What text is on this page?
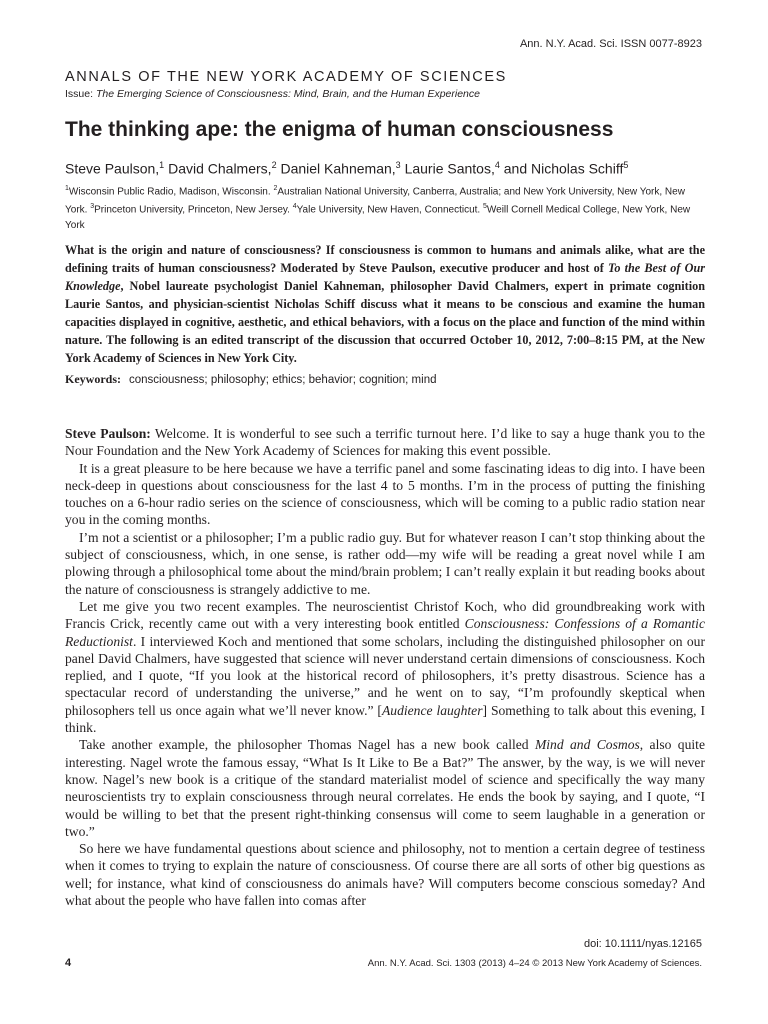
Ann. N.Y. Acad. Sci. ISSN 0077-8923
ANNALS OF THE NEW YORK ACADEMY OF SCIENCES
Issue: The Emerging Science of Consciousness: Mind, Brain, and the Human Experience
The thinking ape: the enigma of human consciousness
Steve Paulson,$^1$ David Chalmers,$^2$ Daniel Kahneman,$^3$ Laurie Santos,$^4$ and Nicholas Schiff$^5$
$^1$Wisconsin Public Radio, Madison, Wisconsin. $^2$Australian National University, Canberra, Australia; and New York University, New York, New York. $^3$Princeton University, Princeton, New Jersey. $^4$Yale University, New Haven, Connecticut. $^5$Weill Cornell Medical College, New York, New York
What is the origin and nature of consciousness? If consciousness is common to humans and animals alike, what are the defining traits of human consciousness? Moderated by Steve Paulson, executive producer and host of To the Best of Our Knowledge, Nobel laureate psychologist Daniel Kahneman, philosopher David Chalmers, expert in primate cognition Laurie Santos, and physician-scientist Nicholas Schiff discuss what it means to be conscious and examine the human capacities displayed in cognitive, aesthetic, and ethical behaviors, with a focus on the place and function of the mind within nature. The following is an edited transcript of the discussion that occurred October 10, 2012, 7:00–8:15 PM, at the New York Academy of Sciences in New York City.
Keywords: consciousness; philosophy; ethics; behavior; cognition; mind

Steve Paulson: Welcome. It is wonderful to see such a terrific turnout here. I’d like to say a huge thank you to the Nour Foundation and the New York Academy of Sciences for making this event possible.

It is a great pleasure to be here because we have a terrific panel and some fascinating ideas to dig into. I have been neck-deep in questions about consciousness for the last 4 to 5 months. I’m in the process of putting the finishing touches on a 6-hour radio series on the science of consciousness, which will be coming to a public radio station near you in the coming months.

I’m not a scientist or a philosopher; I’m a public radio guy. But for whatever reason I can’t stop thinking about the subject of consciousness, which, in one sense, is rather odd—my wife will be reading a great novel while I am plowing through a philosophical tome about the mind/brain problem; I can’t really explain it but reading books about the nature of consciousness is strangely addictive to me.

Let me give you two recent examples. The neuroscientist Christof Koch, who did groundbreaking work with Francis Crick, recently came out with a very interesting book entitled Consciousness: Confessions of a Romantic Reductionist. I interviewed Koch and mentioned that some scholars, including the distinguished philosopher on our panel David Chalmers, have suggested that science will never understand certain dimensions of consciousness. Koch replied, and I quote, “If you look at the historical record of philosophers, it’s pretty disastrous. Science has a spectacular record of understanding the universe,” and he went on to say, “I’m profoundly skeptical when philosophers tell us once again what we’ll never know.” [Audience laughter] Something to talk about this evening, I think.

Take another example, the philosopher Thomas Nagel has a new book called Mind and Cosmos, also quite interesting. Nagel wrote the famous essay, “What Is It Like to Be a Bat?” The answer, by the way, is we will never know. Nagel’s new book is a critique of the standard materialist model of science and specifically the way many neuroscientists try to explain consciousness through neural correlates. He ends the book by saying, and I quote, “I would be willing to bet that the present right-thinking consensus will come to seem laughable in a generation or two.”

So here we have fundamental questions about science and philosophy, not to mention a certain degree of testiness when it comes to trying to explain the nature of consciousness. Of course there are all sorts of other big questions as well; for instance, what kind of consciousness do animals have? Will computers become conscious someday? And what about the people who have fallen into comas after

doi: 10.1111/nyas.12165
4	Ann. N.Y. Acad. Sci. 1303 (2013) 4–24 © 2013 New York Academy of Sciences.
